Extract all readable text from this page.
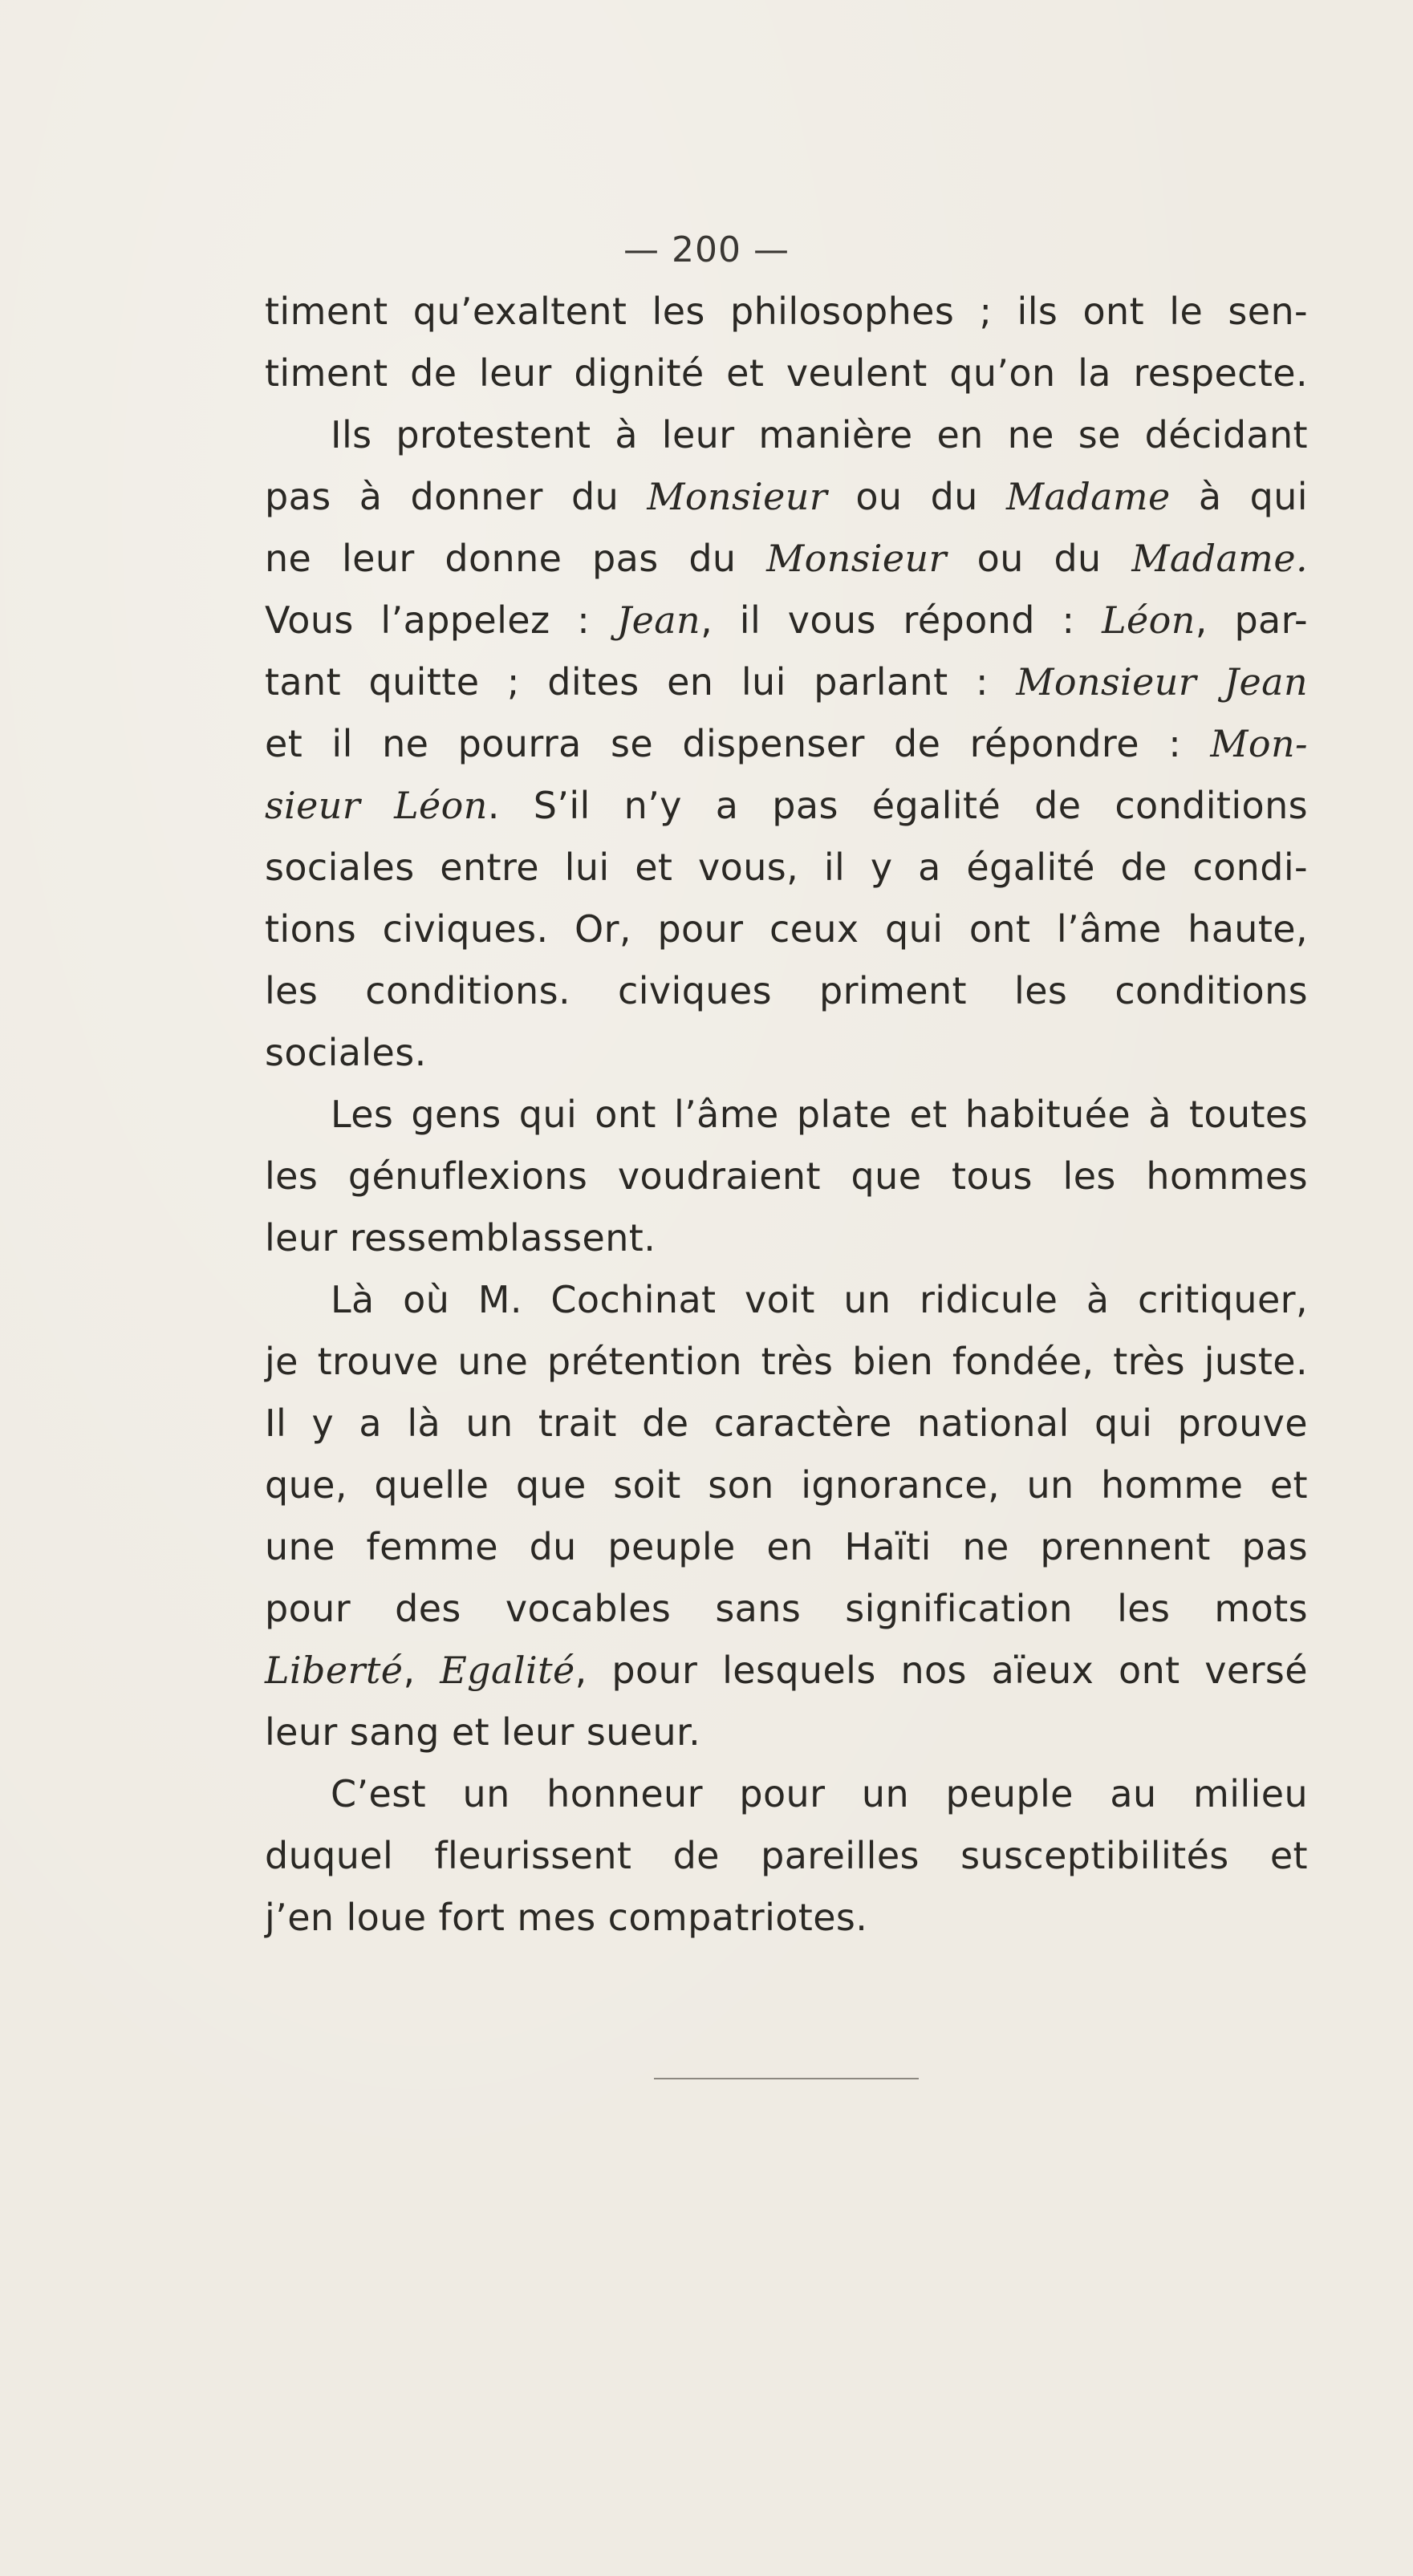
— 200 —
timent qu’exaltent les philosophes ; ils ont le sen-
timent de leur dignité et veulent qu’on la respecte.
Ils protestent à leur manière en ne se décidant
pas à donner du Monsieur ou du Madame à qui
ne leur donne pas du Monsieur ou du Madame.
Vous l’appelez : Jean, il vous répond : Léon, par-
tant quitte ; dites en lui parlant : Monsieur Jean
et il ne pourra se dispenser de répondre : Mon-
sieur Léon. S’il n’y a pas égalité de conditions
sociales entre lui et vous, il y a égalité de condi-
tions civiques. Or, pour ceux qui ont l’âme haute,
les conditions. civiques priment les conditions
sociales.
Les gens qui ont l’âme plate et habituée à toutes
les génuflexions voudraient que tous les hommes
leur ressemblassent.
Là où M. Cochinat voit un ridicule à critiquer,
je trouve une prétention très bien fondée, très juste.
Il y a là un trait de caractère national qui prouve
que, quelle que soit son ignorance, un homme et
une femme du peuple en Haïti ne prennent pas
pour des vocables sans signification les mots
Liberté, Egalité, pour lesquels nos aïeux ont versé
leur sang et leur sueur.
C’est un honneur pour un peuple au milieu
duquel fleurissent de pareilles susceptibilités et
j’en loue fort mes compatriotes.
